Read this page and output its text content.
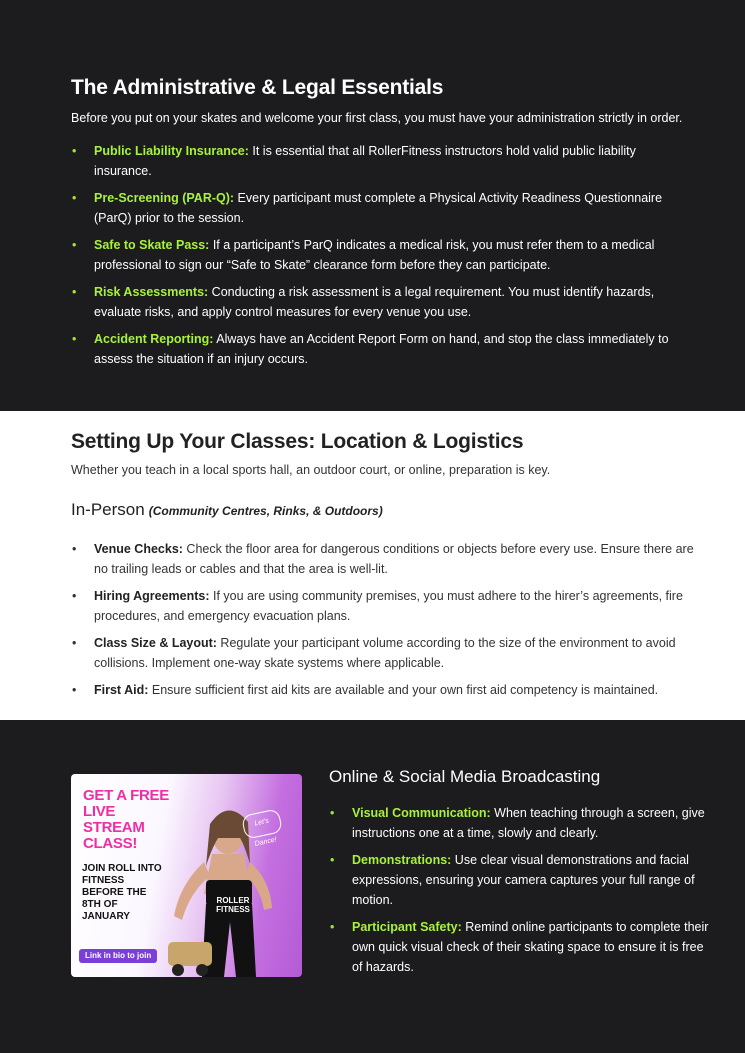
The Administrative & Legal Essentials

Before you put on your skates and welcome your first class, you must have your administration strictly in order.

• Public Liability Insurance: It is essential that all RollerFitness instructors hold valid public liability insurance.
• Pre-Screening (PAR-Q): Every participant must complete a Physical Activity Readiness Questionnaire (ParQ) prior to the session.
• Safe to Skate Pass: If a participant’s ParQ indicates a medical risk, you must refer them to a medical professional to sign our “Safe to Skate” clearance form before they can participate.
• Risk Assessments: Conducting a risk assessment is a legal requirement. You must identify hazards, evaluate risks, and apply control measures for every venue you use.
• Accident Reporting: Always have an Accident Report Form on hand, and stop the class immediately to assess the situation if an injury occurs.
Setting Up Your Classes: Location & Logistics

Whether you teach in a local sports hall, an outdoor court, or online, preparation is key.

In-Person (Community Centres, Rinks, & Outdoors)
• Venue Checks: Check the floor area for dangerous conditions or objects before every use. Ensure there are no trailing leads or cables and that the area is well-lit.
• Hiring Agreements: If you are using community premises, you must adhere to the hirer’s agreements, fire procedures, and emergency evacuation plans.
• Class Size & Layout: Regulate your participant volume according to the size of the environment to avoid collisions. Implement one-way skate systems where applicable.
• First Aid: Ensure sufficient first aid kits are available and your own first aid competency is maintained.
ROLLER FITNESS
GET A FREE LIVE STREAM CLASS!
JOIN ROLL INTO FITNESS BEFORE THE 8TH OF JANUARY
Let's Dance!
Link in bio to join
Online & Social Media Broadcasting
• Visual Communication: When teaching through a screen, give instructions one at a time, slowly and clearly.
• Demonstrations: Use clear visual demonstrations and facial expressions, ensuring your camera captures your full range of motion.
• Participant Safety: Remind online participants to complete their own quick visual check of their skating space to ensure it is free of hazards.
